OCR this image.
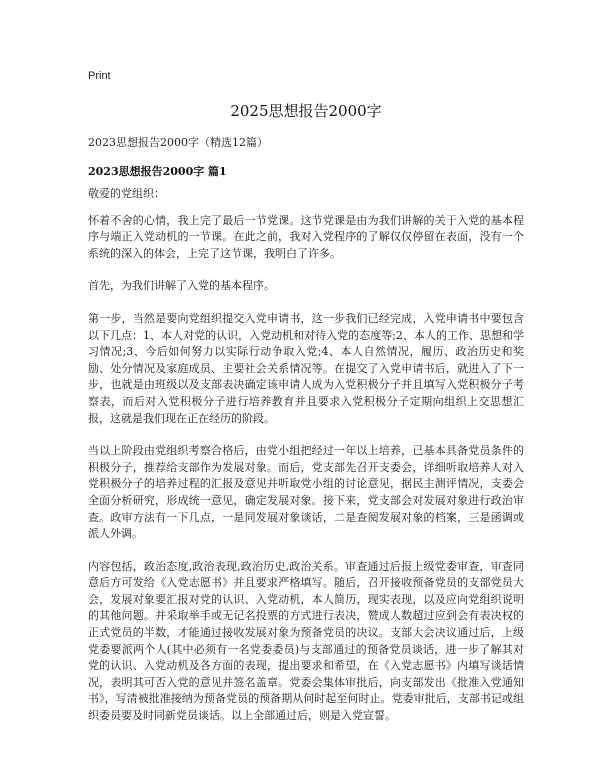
Print
2025思想报告2000字
2023思想报告2000字（精选12篇）
2023思想报告2000字 篇1

敬爱的党组织：

怀着不舍的心情，我上完了最后一节党课。这节党课是由为我们讲解的关于入党的基本程序与端正入党动机的一节课。在此之前，我对入党程序的了解仅仅停留在表面，没有一个系统的深入的体会，上完了这节课，我明白了许多。

首先，为我们讲解了入党的基本程序。

第一步，当然是要向党组织提交入党申请书，这一步我们已经完成，入党申请书中要包含以下几点：1、本人对党的认识，入党动机和对待入党的态度等;2、本人的工作、思想和学习情况;3、今后如何努力以实际行动争取入党;4、本人自然情况，履历、政治历史和奖励、处分情况及家庭成员、主要社会关系情况等。在提交了入党申请书后，就进入了下一步，也就是由班级以及支部表决确定该申请人成为入党积极分子并且填写入党积极分子考察表，而后对入党积极分子进行培养教育并且要求入党积极分子定期向组织上交思想汇报，这就是我们现在正在经历的阶段。

当以上阶段由党组织考察合格后，由党小组把经过一年以上培养，已基本具备党员条件的积极分子，推荐给支部作为发展对象。而后，党支部先召开支委会，详细听取培养人对入党积极分子的培养过程的汇报及意见并听取党小组的讨论意见，据民主测评情况，支委会全面分析研究，形成统一意见，确定发展对象。接下来，党支部会对发展对象进行政治审查。政审方法有一下几点，一是同发展对象谈话，二是查阅发展对象的档案，三是函调或派人外调。

内容包括，政治态度,政治表现,政治历史,政治关系。审查通过后报上级党委审查，审查同意后方可发给《入党志愿书》并且要求严格填写。随后，召开接收预备党员的支部党员大会，发展对象要汇报对党的认识、入党动机，本人简历，现实表现，以及应向党组织说明的其他问题。并采取举手或无记名投票的方式进行表决，赞成人数超过应到会有表决权的正式党员的半数，才能通过接收发展对象为预备党员的决议。支部大会决议通过后，上级党委要派两个人(其中必须有一名党委委员)与支部通过的预备党员谈话，进一步了解其对党的认识、入党动机及各方面的表现，提出要求和希望，在《入党志愿书》内填写谈话情况，表明其可否入党的意见并签名盖章。党委会集体审批后，向支部发出《批准入党通知书》，写清被批准接纳为预备党员的预备期从何时起至何时止。党委审批后，支部书记或组织委员要及时同新党员谈话。以上全部通过后，则是入党宣誓。
